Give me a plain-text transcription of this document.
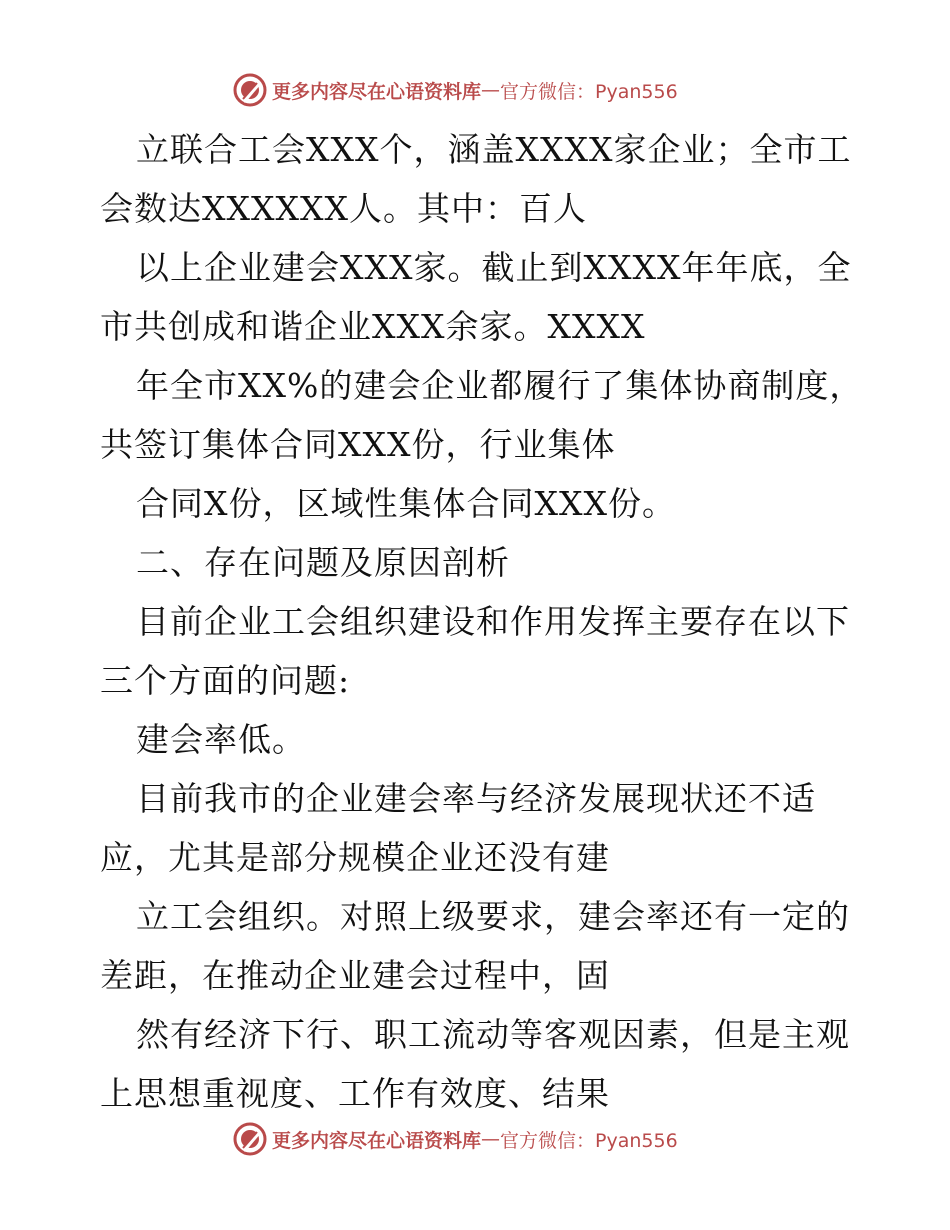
更多内容尽在心语资料库 — 官方微信：Pyan556
立联合工会XXX个，涵盖XXXX家企业；全市工
会数达XXXXXX人。其中：百人
以上企业建会XXX家。截止到XXXX年年底，全
市共创成和谐企业XXX余家。XXXX
年全市XX%的建会企业都履行了集体协商制度，
共签订集体合同XXX份，行业集体
合同X份，区域性集体合同XXX份。
二、存在问题及原因剖析
目前企业工会组织建设和作用发挥主要存在以下
三个方面的问题:
建会率低。
目前我市的企业建会率与经济发展现状还不适
应，尤其是部分规模企业还没有建
立工会组织。对照上级要求，建会率还有一定的
差距，在推动企业建会过程中，固
然有经济下行、职工流动等客观因素，但是主观
上思想重视度、工作有效度、结果
更多内容尽在心语资料库 — 官方微信：Pyan556
